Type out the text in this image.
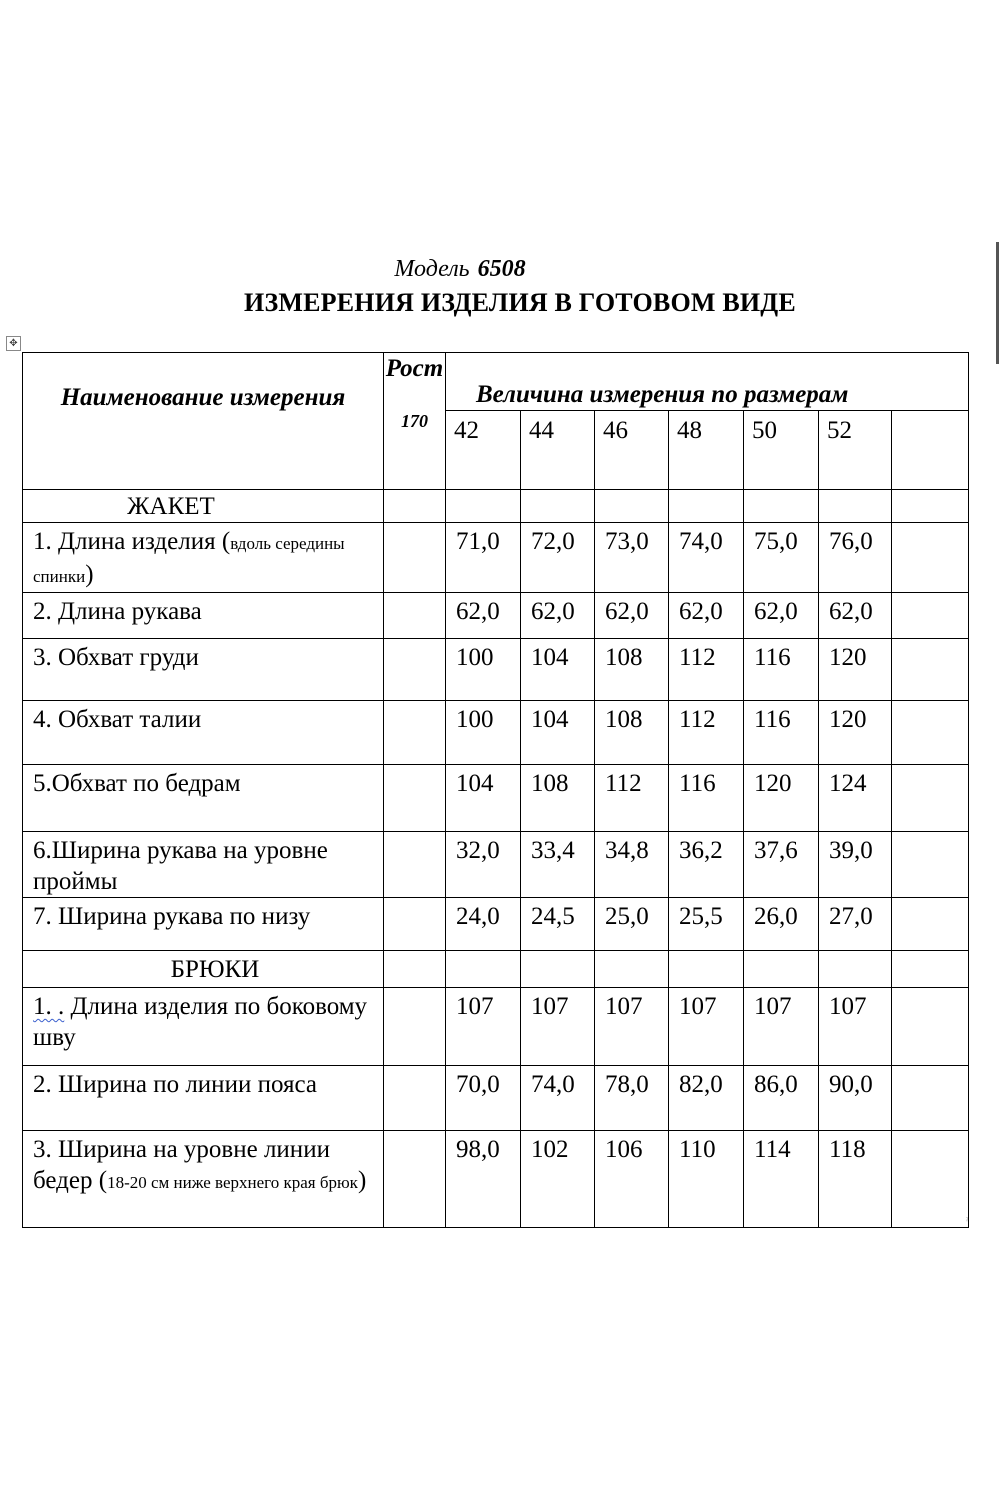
Модель 6508
ИЗМЕРЕНИЯ ИЗДЕЛИЯ В ГОТОВОМ ВИДЕ
✥
ˀ
Наименование измерения	Рост
170	Величина измерения по размерам						
		42	44	46	48	50	52	
ЖАКЕТ								
1. Длина изделия (вдоль середины спинки)		71,0	72,0	73,0	74,0	75,0	76,0	
2. Длина рукава		62,0	62,0	62,0	62,0	62,0	62,0	
3. Обхват груди		100	104	108	112	116	120	
4. Обхват талии		100	104	108	112	116	120	
5.Обхват по бедрам		104	108	112	116	120	124	
6.Ширина рукава на уровне проймы		32,0	33,4	34,8	36,2	37,6	39,0	
7. Ширина рукава по низу		24,0	24,5	25,0	25,5	26,0	27,0	
БРЮКИ								
1. . Длина изделия по боковому шву		107	107	107	107	107	107	
2. Ширина по линии пояса		70,0	74,0	78,0	82,0	86,0	90,0	
3. Ширина на уровне линии бедер (18-20 см ниже верхнего края брюк)		98,0	102	106	110	114	118	
